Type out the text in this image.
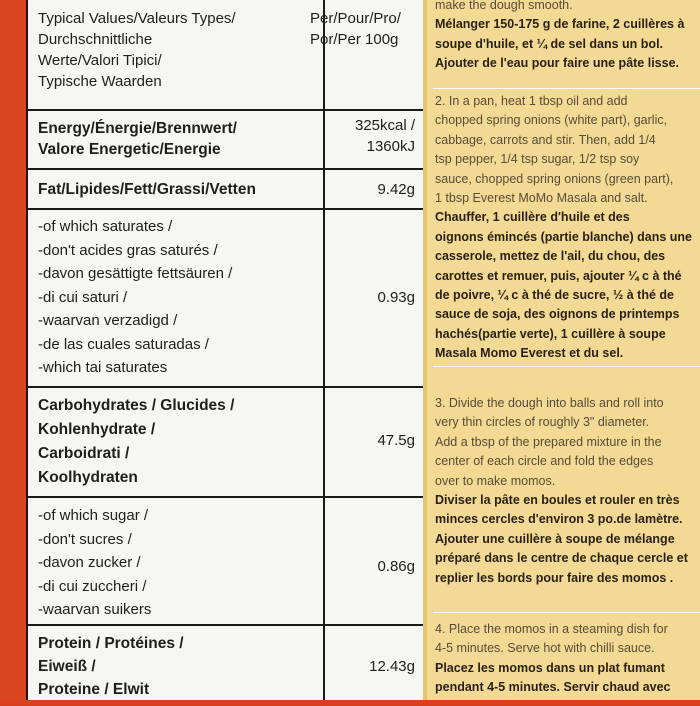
Typical Values/Valeurs Types/
Durchschnittliche
Werte/Valori Tipici/
Typische Waarden
Per/Pour/Pro/
Por/Per 100g
Energy/Énergie/Brennwert/
Valore Energetic/Energie
325kcal /
1360kJ
Fat/Lipides/Fett/Grassi/Vetten	9.42g
-of which saturates /
-don't acides gras saturés /
-davon gesättigte fettsäuren /
-di cui saturi /
-waarvan verzadigd /
-de las cuales saturadas /
-which tai saturates
0.93g
Carbohydrates / Glucides /
Kohlenhydrate /
Carboidrati /
Koolhydraten
47.5g
-of which sugar /
-don't sucres /
-davon zucker /
-di cui zuccheri /
-waarvan suikers
0.86g
Protein / Protéines /
Eiweiß /
Proteine / Elwit
12.43g
make the dough smooth.
Mélanger 150-175 g de farine, 2 cuillères à
soupe d'huile, et ¼ de sel dans un bol.
Ajouter de l'eau pour faire une pâte lisse.
2. In a pan, heat 1 tbsp oil and add
chopped spring onions (white part), garlic,
cabbage, carrots and stir. Then, add 1/4
tsp pepper, 1/4 tsp sugar, 1/2 tsp soy
sauce, chopped spring onions (green part),
1 tbsp Everest MoMo Masala and salt.
Chauffer, 1 cuillère d'huile et des
oignons émincés (partie blanche) dans une
casserole, mettez de l'ail, du chou, des
carottes et remuer, puis, ajouter ¼ c à thé
de poivre, ¼ c à thé de sucre, ½ à thé de
sauce de soja, des oignons de printemps
hachés(partie verte), 1 cuillère à soupe
Masala Momo Everest et du sel.
3. Divide the dough into balls and roll into
very thin circles of roughly 3" diameter.
Add a tbsp of the prepared mixture in the
center of each circle and fold the edges
over to make momos.
Diviser la pâte en boules et rouler en très
minces cercles d'environ 3 po.de lamètre.
Ajouter une cuillère à soupe de mélange
préparé dans le centre de chaque cercle et
replier les bords pour faire des momos .
4. Place the momos in a steaming dish for
4-5 minutes. Serve hot with chilli sauce.
Placez les momos dans un plat fumant
pendant 4-5 minutes. Servir chaud avec
